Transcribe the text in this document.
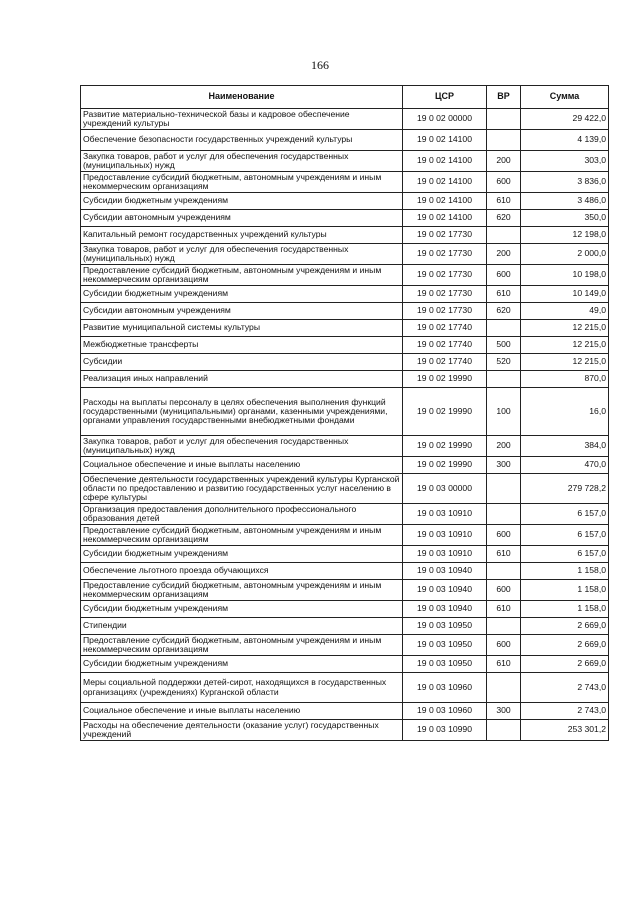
166
Наименование	ЦСР	ВР	Сумма
Развитие материально-технической базы и кадровое обеспечение учреждений культуры	19 0 02 00000		29 422,0
Обеспечение безопасности государственных учреждений культуры	19 0 02 14100		4 139,0
Закупка товаров, работ и услуг для обеспечения государственных (муниципальных) нужд	19 0 02 14100	200	303,0
Предоставление субсидий бюджетным, автономным учреждениям и иным некоммерческим организациям	19 0 02 14100	600	3 836,0
Субсидии бюджетным учреждениям	19 0 02 14100	610	3 486,0
Субсидии автономным учреждениям	19 0 02 14100	620	350,0
Капитальный ремонт государственных учреждений культуры	19 0 02 17730		12 198,0
Закупка товаров, работ и услуг для обеспечения государственных (муниципальных) нужд	19 0 02 17730	200	2 000,0
Предоставление субсидий бюджетным, автономным учреждениям и иным некоммерческим организациям	19 0 02 17730	600	10 198,0
Субсидии бюджетным учреждениям	19 0 02 17730	610	10 149,0
Субсидии автономным учреждениям	19 0 02 17730	620	49,0
Развитие муниципальной системы культуры	19 0 02 17740		12 215,0
Межбюджетные трансферты	19 0 02 17740	500	12 215,0
Субсидии	19 0 02 17740	520	12 215,0
Реализация иных направлений	19 0 02 19990		870,0
Расходы на выплаты персоналу в целях обеспечения выполнения функций государственными (муниципальными) органами, казенными учреждениями, органами управления государственными внебюджетными фондами	19 0 02 19990	100	16,0
Закупка товаров, работ и услуг для обеспечения государственных (муниципальных) нужд	19 0 02 19990	200	384,0
Социальное обеспечение и иные выплаты населению	19 0 02 19990	300	470,0
Обеспечение деятельности государственных учреждений культуры Курганской области по предоставлению и развитию государственных услуг населению в сфере культуры	19 0 03 00000		279 728,2
Организация предоставления дополнительного профессионального образования детей	19 0 03 10910		6 157,0
Предоставление субсидий бюджетным, автономным учреждениям и иным некоммерческим организациям	19 0 03 10910	600	6 157,0
Субсидии бюджетным учреждениям	19 0 03 10910	610	6 157,0
Обеспечение льготного проезда обучающихся	19 0 03 10940		1 158,0
Предоставление субсидий бюджетным, автономным учреждениям и иным некоммерческим организациям	19 0 03 10940	600	1 158,0
Субсидии бюджетным учреждениям	19 0 03 10940	610	1 158,0
Стипендии	19 0 03 10950		2 669,0
Предоставление субсидий бюджетным, автономным учреждениям и иным некоммерческим организациям	19 0 03 10950	600	2 669,0
Субсидии бюджетным учреждениям	19 0 03 10950	610	2 669,0
Меры социальной поддержки детей-сирот, находящихся в государственных организациях (учреждениях) Курганской области	19 0 03 10960		2 743,0
Социальное обеспечение и иные выплаты населению	19 0 03 10960	300	2 743,0
Расходы на обеспечение деятельности (оказание услуг) государственных учреждений	19 0 03 10990		253 301,2
